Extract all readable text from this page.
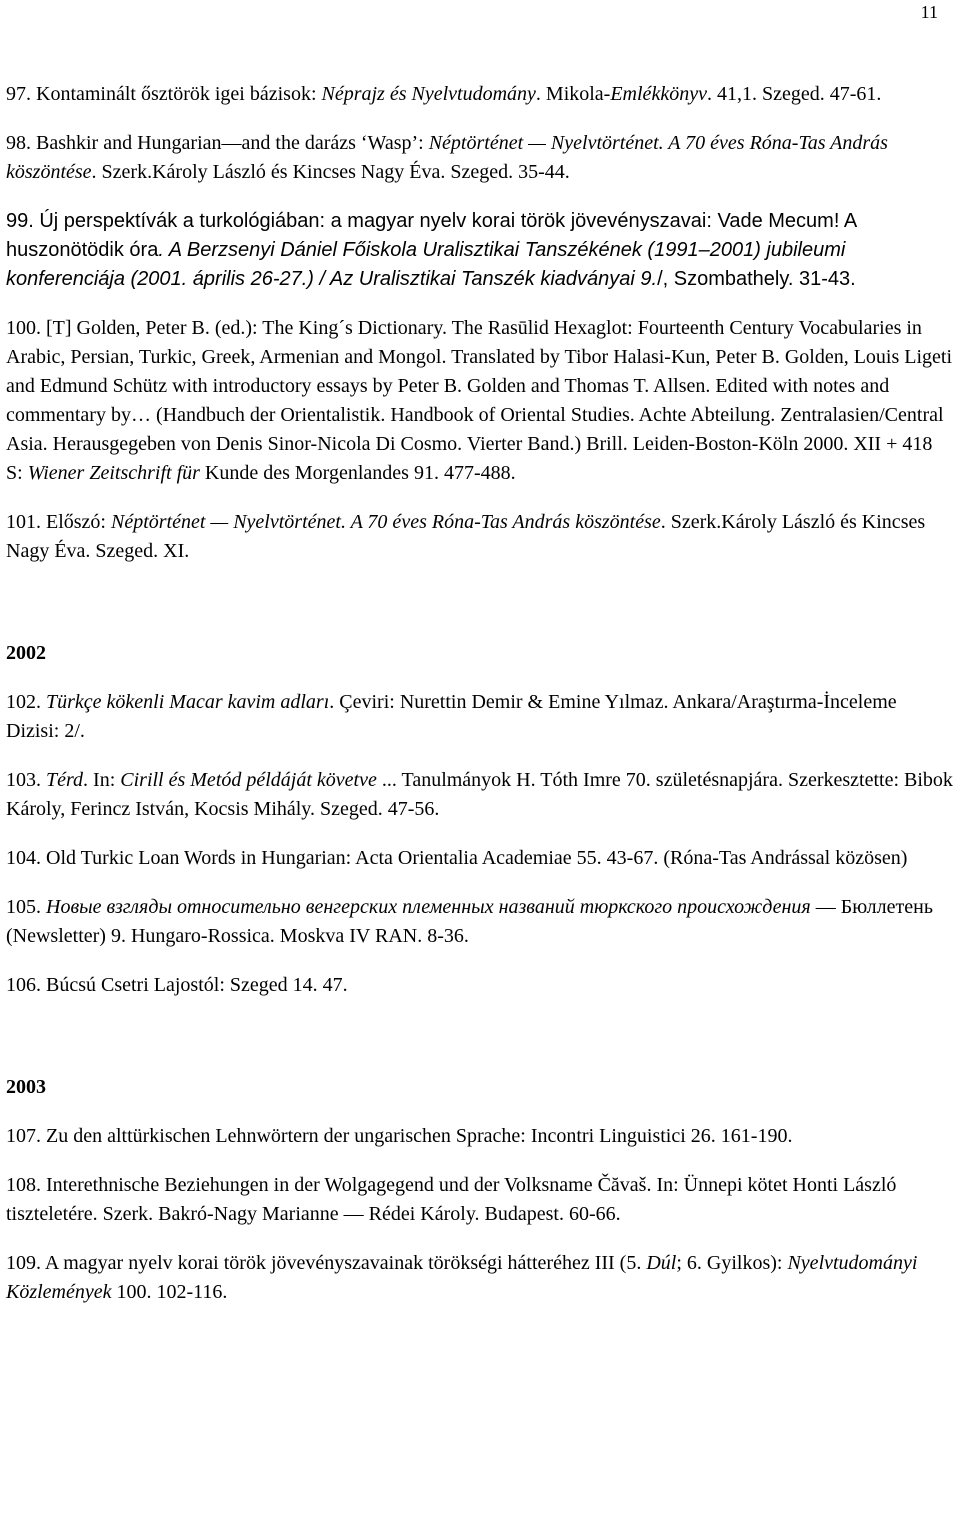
11

97. Kontaminált ősztörök igei bázisok: Néprajz és Nyelvtudomány. Mikola-Emlékkönyv. 41,1. Szeged. 47-61.

98. Bashkir and Hungarian—and the darázs ‘Wasp’: Néptörténet — Nyelvtörténet. A 70 éves Róna-Tas András köszöntése. Szerk.Károly László és Kincses Nagy Éva. Szeged. 35-44.

99. Új perspektívák a turkológiában: a magyar nyelv korai török jövevényszavai: Vade Mecum! A huszonötödik óra. A Berzsenyi Dániel Főiskola Uralisztikai Tanszékének (1991–2001) jubileumi konferenciája (2001. április 26-27.) / Az Uralisztikai Tanszék kiadványai 9./, Szombathely. 31-43.

100. [T] Golden, Peter B. (ed.): The King´s Dictionary. The Rasūlid Hexaglot: Fourteenth Century Vocabularies in Arabic, Persian, Turkic, Greek, Armenian and Mongol. Translated by Tibor Halasi-Kun, Peter B. Golden, Louis Ligeti and Edmund Schütz with introductory essays by Peter B. Golden and Thomas T. Allsen. Edited with notes and commentary by… (Handbuch der Orientalistik. Handbook of Oriental Studies. Achte Abteilung. Zentralasien/Central Asia. Herausgegeben von Denis Sinor-Nicola Di Cosmo. Vierter Band.) Brill. Leiden-Boston-Köln 2000. XII + 418 S: Wiener Zeitschrift für Kunde des Morgenlandes 91. 477-488.

101. Előszó: Néptörténet — Nyelvtörténet. A 70 éves Róna-Tas András köszöntése. Szerk.Károly László és Kincses Nagy Éva. Szeged. XI.

2002

102. Türkçe kökenli Macar kavim adları. Çeviri: Nurettin Demir & Emine Yılmaz. Ankara/Araştırma-İnceleme Dizisi: 2/.

103. Térd. In: Cirill és Metód példáját követve ... Tanulmányok H. Tóth Imre 70. születésnapjára. Szerkesztette: Bibok Károly, Ferincz István, Kocsis Mihály. Szeged. 47-56.

104. Old Turkic Loan Words in Hungarian: Acta Orientalia Academiae 55. 43-67. (Róna-Tas Andrással közösen)

105. Новые взгляды относительно венгерских племенных названий тюркского происхождения — Бюллетень (Newsletter) 9. Hungaro-Rossica. Moskva IV RAN. 8-36.

106. Búcsú Csetri Lajostól: Szeged 14. 47.

2003

107. Zu den alttürkischen Lehnwörtern der ungarischen Sprache: Incontri Linguistici 26. 161-190.

108. Interethnische Beziehungen in der Wolgagegend und der Volksname Čăvaš. In: Ünnepi kötet Honti László tiszteletére. Szerk. Bakró-Nagy Marianne — Rédei Károly. Budapest. 60-66.

109. A magyar nyelv korai török jövevényszavainak törökségi hátteréhez III (5. Dúl; 6. Gyilkos): Nyelvtudományi Közlemények 100. 102-116.
